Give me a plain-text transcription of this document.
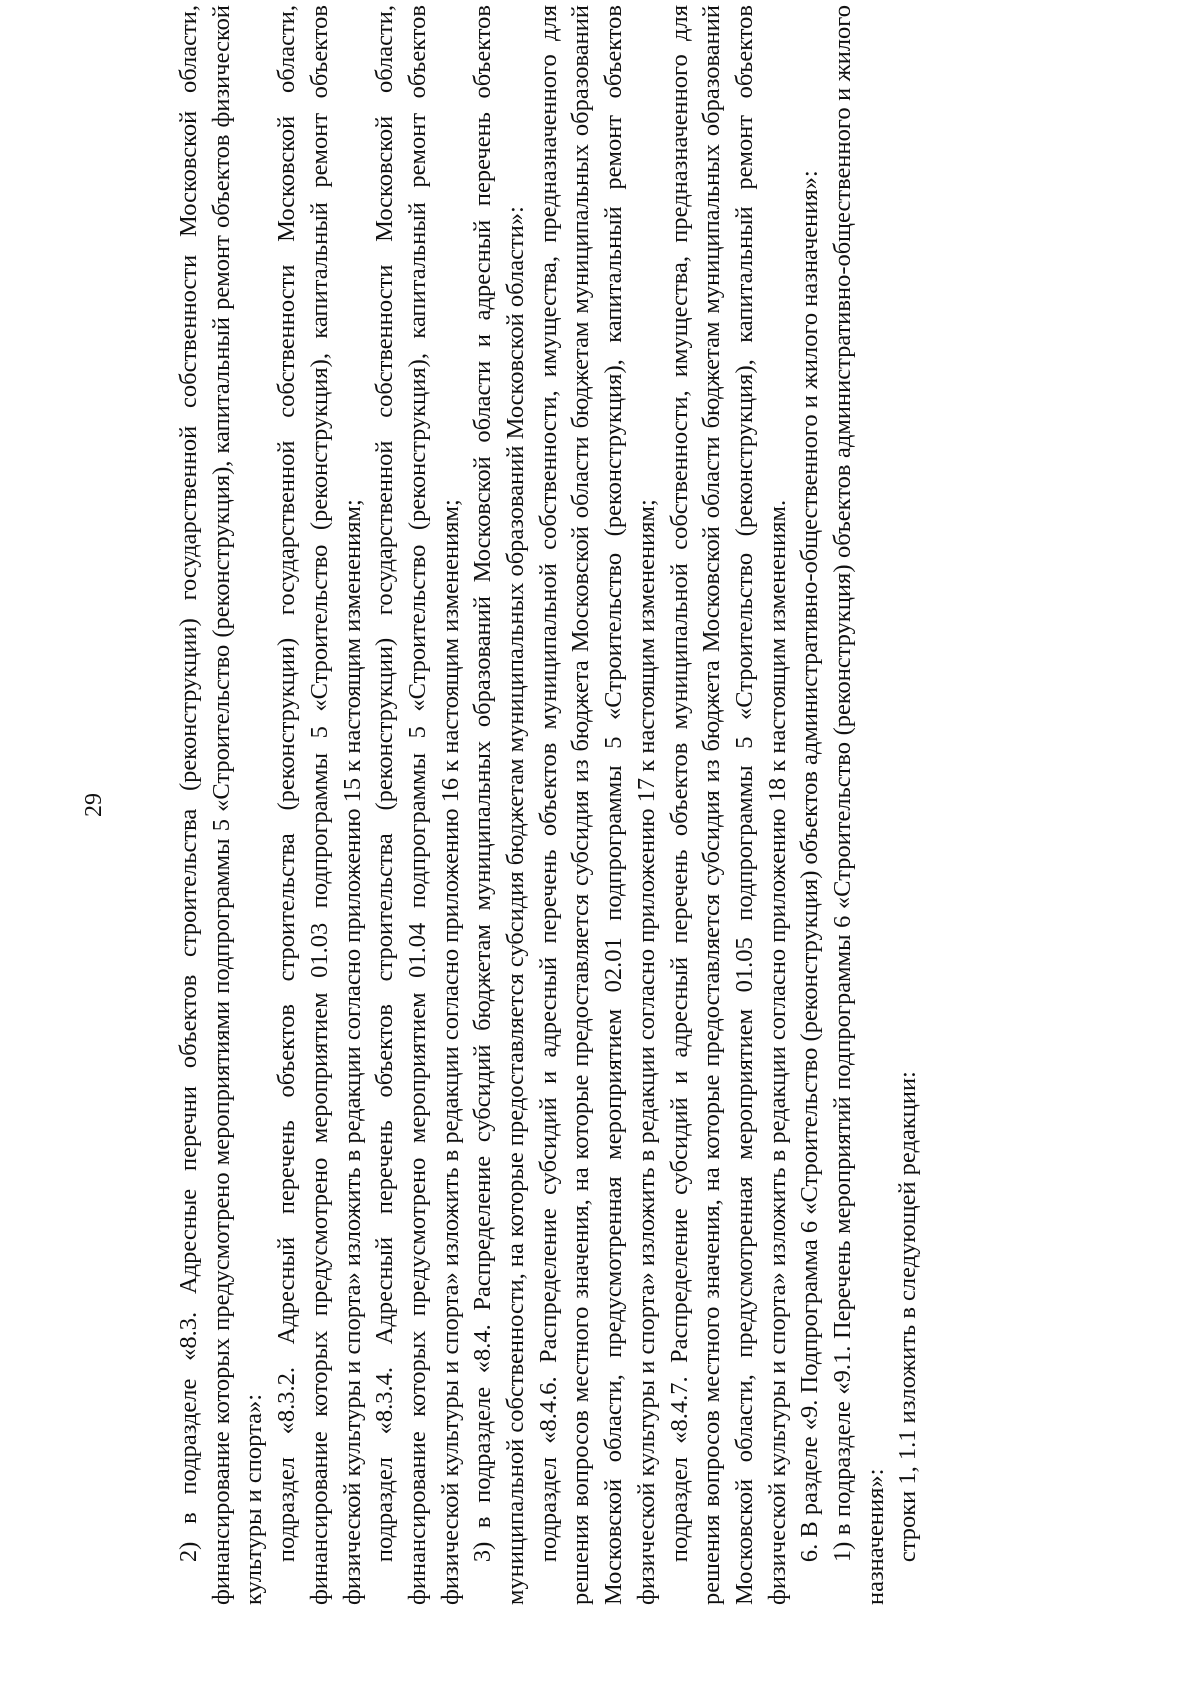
29	2) в подразделе «8.3. Адресные перечни объектов строительства (реконструкции) государственной собственности Московской области, финансирование которых предусмотрено мероприятиями подпрограммы 5 «Строительство (реконструкция), капитальный ремонт объектов физической культуры и спорта»: подраздел «8.3.2. Адресный перечень объектов строительства (реконструкции) государственной собственности Московской области, финансирование которых предусмотрено мероприятием 01.03 подпрограммы 5 «Строительство (реконструкция), капитальный ремонт объектов физической культуры и спорта» изложить в редакции согласно приложению 15 к настоящим изменениям; подраздел «8.3.4. Адресный перечень объектов строительства (реконструкции) государственной собственности Московской области, финансирование которых предусмотрено мероприятием 01.04 подпрограммы 5 «Строительство (реконструкция), капитальный ремонт объектов физической культуры и спорта» изложить в редакции согласно приложению 16 к настоящим изменениям; 3) в подразделе «8.4. Распределение субсидий бюджетам муниципальных образований Московской области и адресный перечень объектов муниципальной собственности, на которые предоставляется субсидия бюджетам муниципальных образований Московской области»: подраздел «8.4.6. Распределение субсидий и адресный перечень объектов муниципальной собственности, имущества, предназначенного для решения вопросов местного значения, на которые предоставляется субсидия из бюджета Московской области бюджетам муниципальных образований Московской области, предусмотренная мероприятием 02.01 подпрограммы 5 «Строительство (реконструкция), капитальный ремонт объектов физической культуры и спорта» изложить в редакции согласно приложению 17 к настоящим изменениям; подраздел «8.4.7. Распределение субсидий и адресный перечень объектов муниципальной собственности, имущества, предназначенного для решения вопросов местного значения, на которые предоставляется субсидия из бюджета Московской области бюджетам муниципальных образований Московской области, предусмотренная мероприятием 01.05 подпрограммы 5 «Строительство (реконструкция), капитальный ремонт объектов физической культуры и спорта» изложить в редакции согласно приложению 18 к настоящим изменениям. 6. В разделе «9. Подпрограмма 6 «Строительство (реконструкция) объектов административно-общественного и жилого назначения»: 1) в подразделе «9.1. Перечень мероприятий подпрограммы 6 «Строительство (реконструкция) объектов административно-общественного и жилого назначения»: строки 1, 1.1 изложить в следующей редакции:
